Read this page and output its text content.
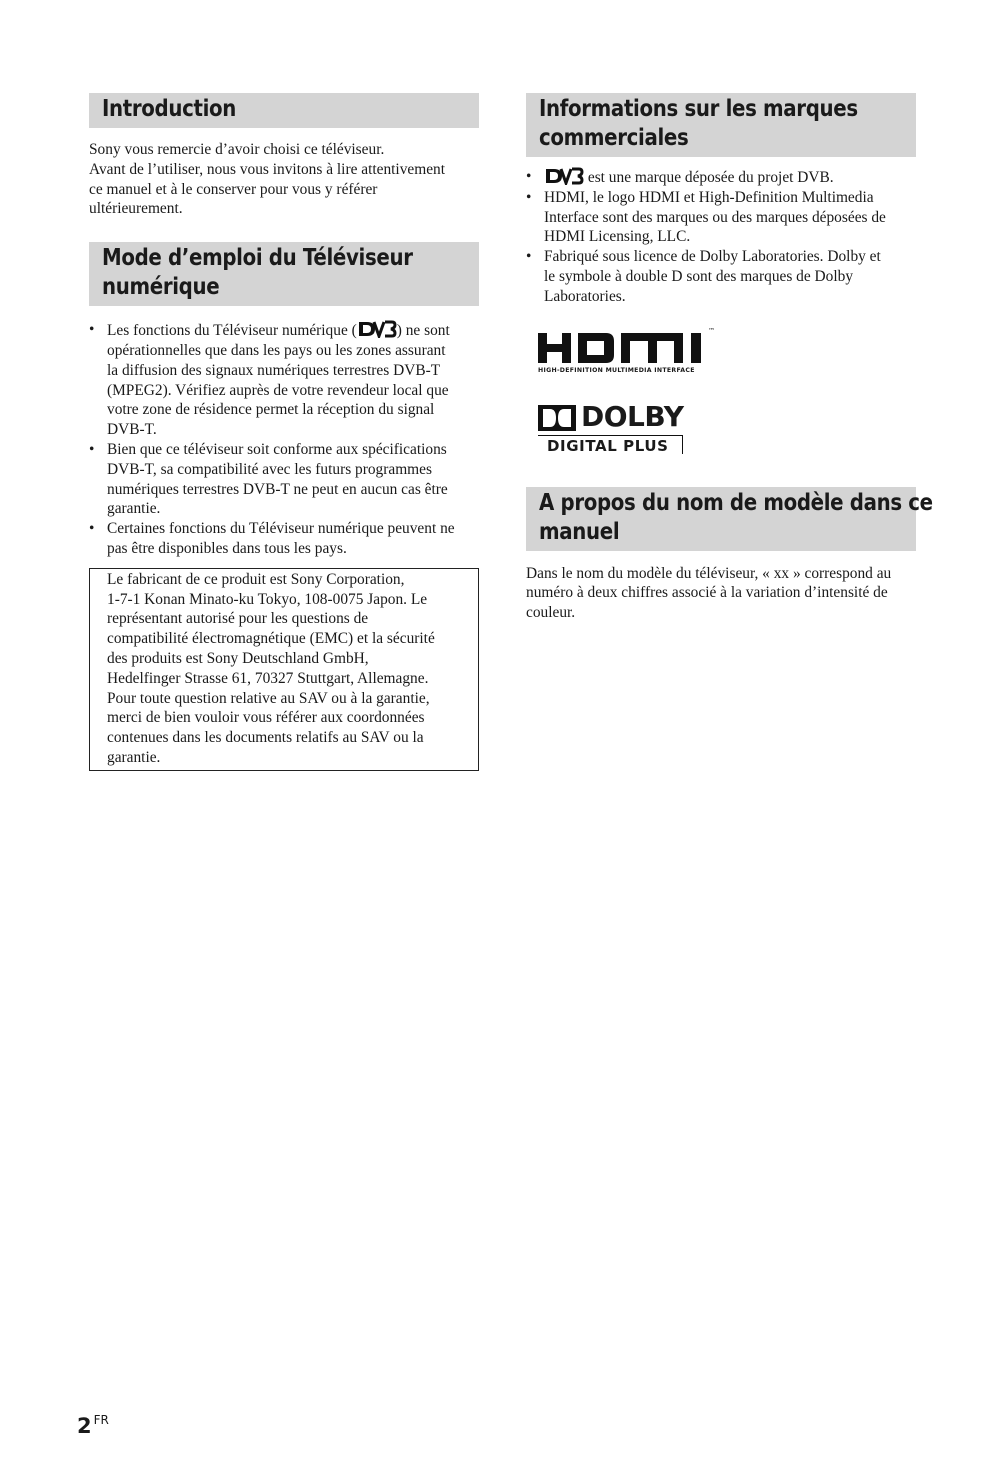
Introduction

Sony vous remercie d’avoir choisi ce téléviseur.
Avant de l’utiliser, nous vous invitons à lire attentivement
ce manuel et à le conserver pour vous y référer
ultérieurement.

Mode d’emploi du Téléviseur
numérique
• Les fonctions du Téléviseur numérique (	) ne sont
opérationnelles que dans les pays ou les zones assurant
la diffusion des signaux numériques terrestres DVB-T
(MPEG2). Vérifiez auprès de votre revendeur local que
votre zone de résidence permet la réception du signal
DVB-T.
• Bien que ce téléviseur soit conforme aux spécifications
DVB-T, sa compatibilité avec les futurs programmes
numériques terrestres DVB-T ne peut en aucun cas être
garantie.
• Certaines fonctions du Téléviseur numérique peuvent ne
pas être disponibles dans tous les pays.
Le fabricant de ce produit est Sony Corporation,
1-7-1 Konan Minato-ku Tokyo, 108-0075 Japon. Le
représentant autorisé pour les questions de
compatibilité électromagnétique (EMC) et la sécurité
des produits est Sony Deutschland GmbH,
Hedelfinger Strasse 61, 70327 Stuttgart, Allemagne.
Pour toute question relative au SAV ou à la garantie,
merci de bien vouloir vous référer aux coordonnées
contenues dans les documents relatifs au SAV ou la
garantie.
Informations sur les marques
commerciales
•	est une marque déposée du projet DVB.
• HDMI, le logo HDMI et High-Definition Multimedia
Interface sont des marques ou des marques déposées de
HDMI Licensing, LLC.
• Fabriqué sous licence de Dolby Laboratories. Dolby et
le symbole à double D sont des marques de Dolby
Laboratories.
™
HIGH-DEFINITION MULTIMEDIA INTERFACE
DOLBY
DIGITAL PLUS
A propos du nom de modèle dans ce
manuel

Dans le nom du modèle du téléviseur, « xx » correspond au
numéro à deux chiffres associé à la variation d’intensité de
couleur.

2 $^{FR}$
